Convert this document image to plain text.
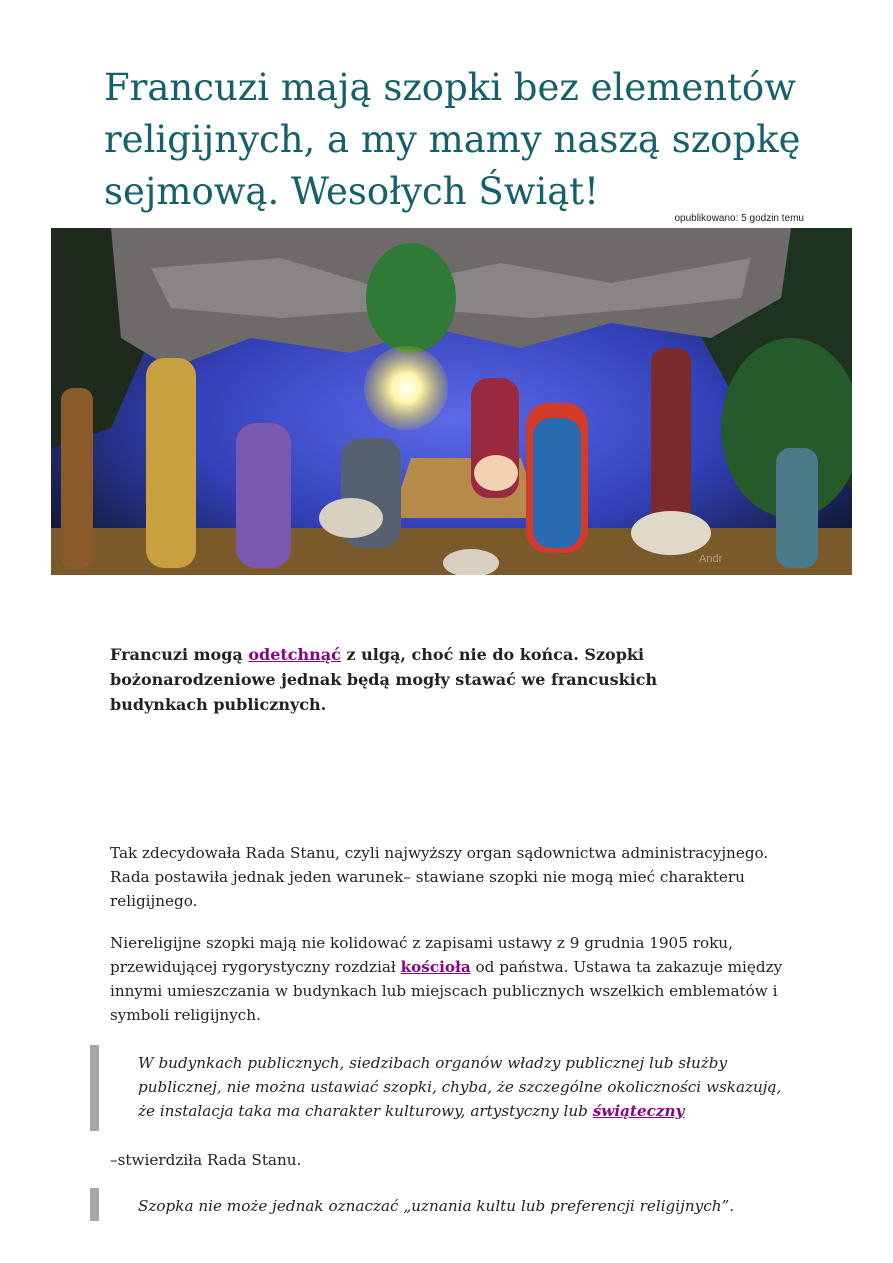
Francuzi mają szopki bez elementów religijnych, a my mamy naszą szopkę sejmową. Wesołych Świąt!
opublikowano: 5 godzin temu
Andr

Francuzi mogą odetchnąć z ulgą, choć nie do końca. Szopki bożonarodzeniowe jednak będą mogły stawać we francuskich budynkach publicznych.

Tak zdecydowała Rada Stanu, czyli najwyższy organ sądownictwa administracyjnego. Rada postawiła jednak jeden warunek– stawiane szopki nie mogą mieć charakteru religijnego.

Niereligijne szopki mają nie kolidować z zapisami ustawy z 9 grudnia 1905 roku, przewidującej rygorystyczny rozdział kościoła od państwa. Ustawa ta zakazuje między innymi umieszczania w budynkach lub miejscach publicznych wszelkich emblematów i symboli religijnych.

W budynkach publicznych, siedzibach organów władzy publicznej lub służby publicznej, nie można ustawiać szopki, chyba, że szczególne okoliczności wskazują, że instalacja taka ma charakter kulturowy, artystyczny lub świąteczny

–stwierdziła Rada Stanu.

Szopka nie może jednak oznaczać „uznania kultu lub preferencji religijnych”.
